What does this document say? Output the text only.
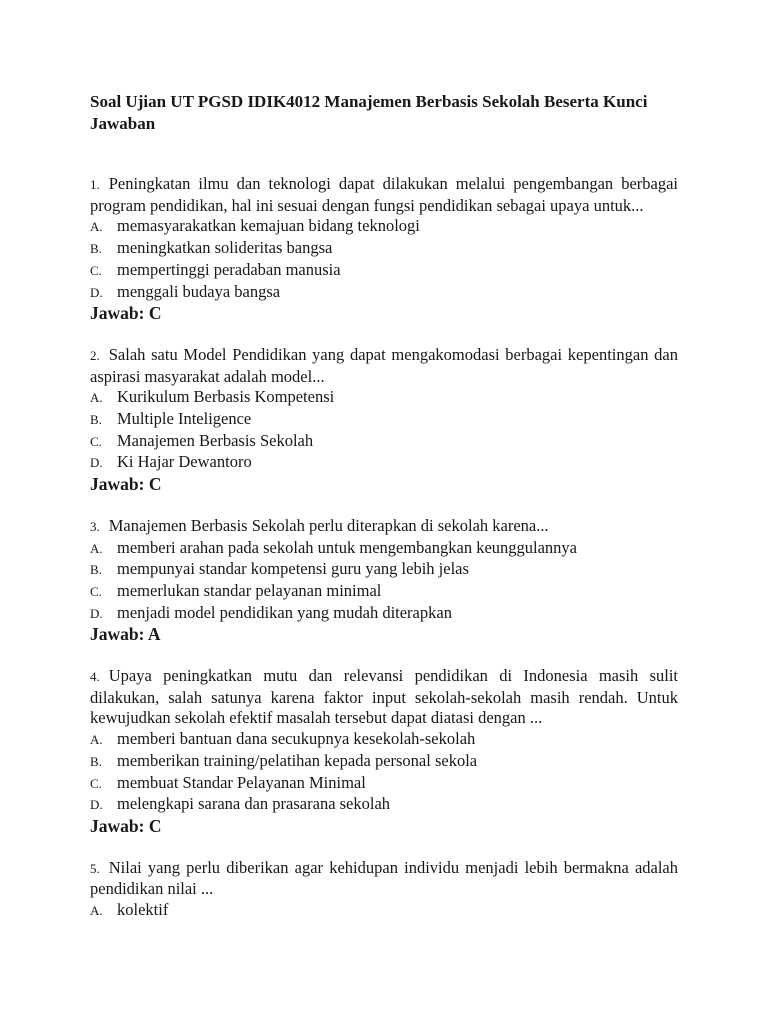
Soal Ujian UT PGSD IDIK4012 Manajemen Berbasis Sekolah Beserta Kunci Jawaban

1. Peningkatan ilmu dan teknologi dapat dilakukan melalui pengembangan berbagai program pendidikan, hal ini sesuai dengan fungsi pendidikan sebagai upaya untuk...

A. memasyarakatkan kemajuan bidang teknologi

B. meningkatkan solideritas bangsa

C. mempertinggi peradaban manusia

D. menggali budaya bangsa

Jawab: C

2. Salah satu Model Pendidikan yang dapat mengakomodasi berbagai kepentingan dan aspirasi masyarakat adalah model...

A. Kurikulum Berbasis Kompetensi

B. Multiple Inteligence

C. Manajemen Berbasis Sekolah

D. Ki Hajar Dewantoro

Jawab: C

3. Manajemen Berbasis Sekolah perlu diterapkan di sekolah karena...

A. memberi arahan pada sekolah untuk mengembangkan keunggulannya

B. mempunyai standar kompetensi guru yang lebih jelas

C. memerlukan standar pelayanan minimal

D. menjadi model pendidikan yang mudah diterapkan

Jawab: A

4. Upaya peningkatkan mutu dan relevansi pendidikan di Indonesia masih sulit dilakukan, salah satunya karena faktor input sekolah-sekolah masih rendah. Untuk kewujudkan sekolah efektif masalah tersebut dapat diatasi dengan ...

A. memberi bantuan dana secukupnya kesekolah-sekolah

B. memberikan training/pelatihan kepada personal sekola

C. membuat Standar Pelayanan Minimal

D. melengkapi sarana dan prasarana sekolah

Jawab: C

5. Nilai yang perlu diberikan agar kehidupan individu menjadi lebih bermakna adalah pendidikan nilai ...

A. kolektif
